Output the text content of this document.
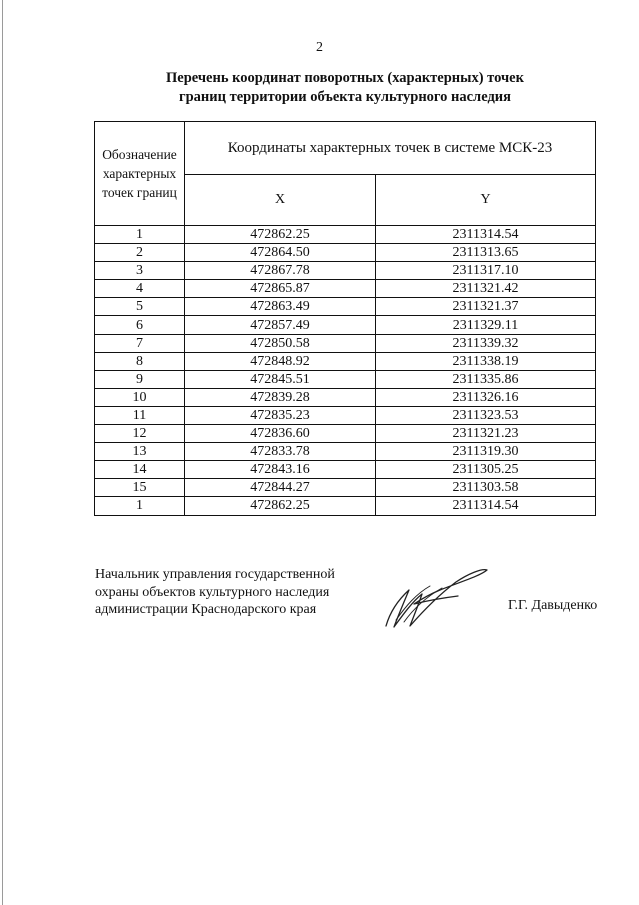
2
Перечень координат поворотных (характерных) точек
границ территории объекта культурного наследия
Обозначение
характерных
точек границ	Координаты характерных точек в системе МСК-23	
	X	Y
1	472862.25	2311314.54
2	472864.50	2311313.65
3	472867.78	2311317.10
4	472865.87	2311321.42
5	472863.49	2311321.37
6	472857.49	2311329.11
7	472850.58	2311339.32
8	472848.92	2311338.19
9	472845.51	2311335.86
10	472839.28	2311326.16
11	472835.23	2311323.53
12	472836.60	2311321.23
13	472833.78	2311319.30
14	472843.16	2311305.25
15	472844.27	2311303.58
1	472862.25	2311314.54
Начальник управления государственной
охраны объектов культурного наследия
администрации Краснодарского края	Г.Г. Давыденко
